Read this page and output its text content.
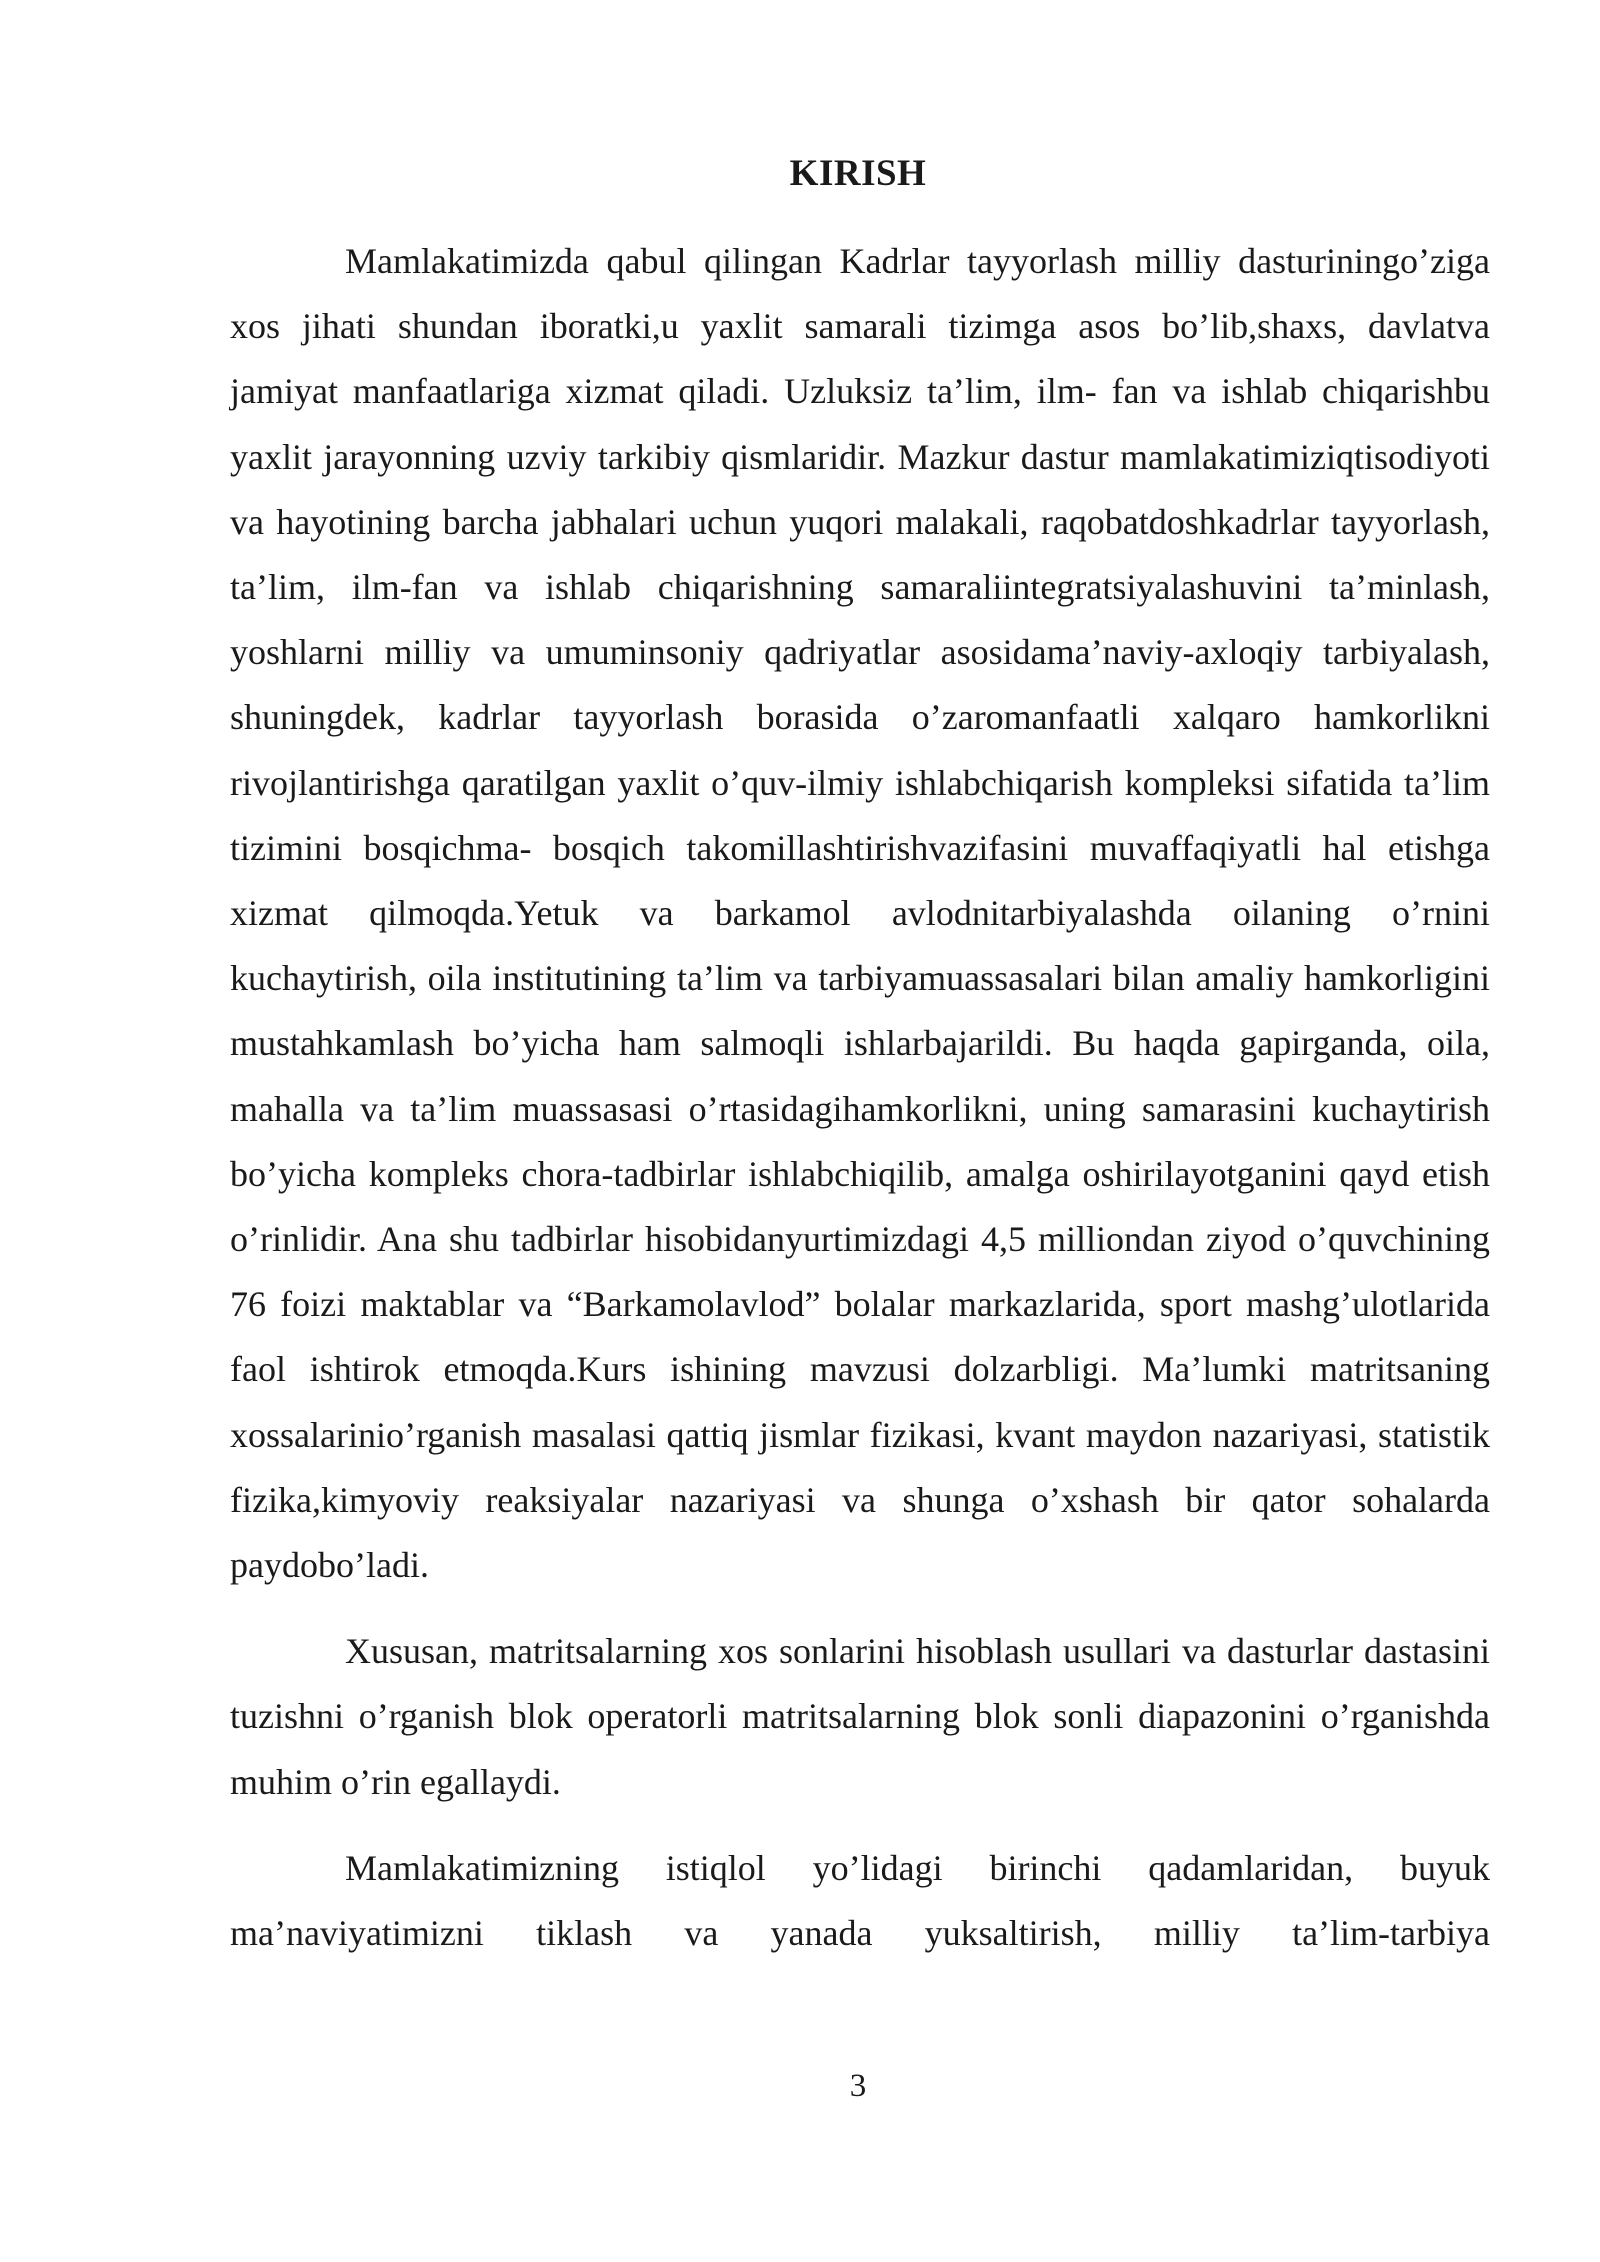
KIRISH

Mamlakatimizda qabul qilingan Kadrlar tayyorlash milliy dasturiningo’ziga xos jihati shundan iboratki,u yaxlit samarali tizimga asos bo’lib,shaxs, davlatva jamiyat manfaatlariga xizmat qiladi. Uzluksiz ta’lim, ilm- fan va ishlab chiqarishbu yaxlit jarayonning uzviy tarkibiy qismlaridir. Mazkur dastur mamlakatimiziqtisodiyoti va hayotining barcha jabhalari uchun yuqori malakali, raqobatdoshkadrlar tayyorlash, ta’lim, ilm-fan va ishlab chiqarishning samaraliintegratsiyalashuvini ta’minlash, yoshlarni milliy va umuminsoniy qadriyatlar asosidama’naviy-axloqiy tarbiyalash, shuningdek, kadrlar tayyorlash borasida o’zaromanfaatli xalqaro hamkorlikni rivojlantirishga qaratilgan yaxlit o’quv-ilmiy ishlabchiqarish kompleksi sifatida ta’lim tizimini bosqichma- bosqich takomillashtirishvazifasini muvaffaqiyatli hal etishga xizmat qilmoqda.Yetuk va barkamol avlodnitarbiyalashda oilaning o’rnini kuchaytirish, oila institutining ta’lim va tarbiyamuassasalari bilan amaliy hamkorligini mustahkamlash bo’yicha ham salmoqli ishlarbajarildi. Bu haqda gapirganda, oila, mahalla va ta’lim muassasasi o’rtasidagihamkorlikni, uning samarasini kuchaytirish bo’yicha kompleks chora-tadbirlar ishlabchiqilib, amalga oshirilayotganini qayd etish o’rinlidir. Ana shu tadbirlar hisobidanyurtimizdagi 4,5 milliondan ziyod o’quvchining 76 foizi maktablar va “Barkamolavlod” bolalar markazlarida, sport mashg’ulotlarida faol ishtirok etmoqda.Kurs ishining mavzusi dolzarbligi. Ma’lumki matritsaning xossalarinio’rganish masalasi qattiq jismlar fizikasi, kvant maydon nazariyasi, statistik fizika,kimyoviy reaksiyalar nazariyasi va shunga o’xshash bir qator sohalarda paydobo’ladi.

Xususan, matritsalarning xos sonlarini hisoblash usullari va dasturlar dastasini tuzishni o’rganish blok operatorli matritsalarning blok sonli diapazonini o’rganishda muhim o’rin egallaydi.

Mamlakatimizning istiqlol yo’lidagi birinchi qadamlaridan, buyuk ma’naviyatimizni tiklash va yanada yuksaltirish, milliy ta’lim-tarbiya

3
